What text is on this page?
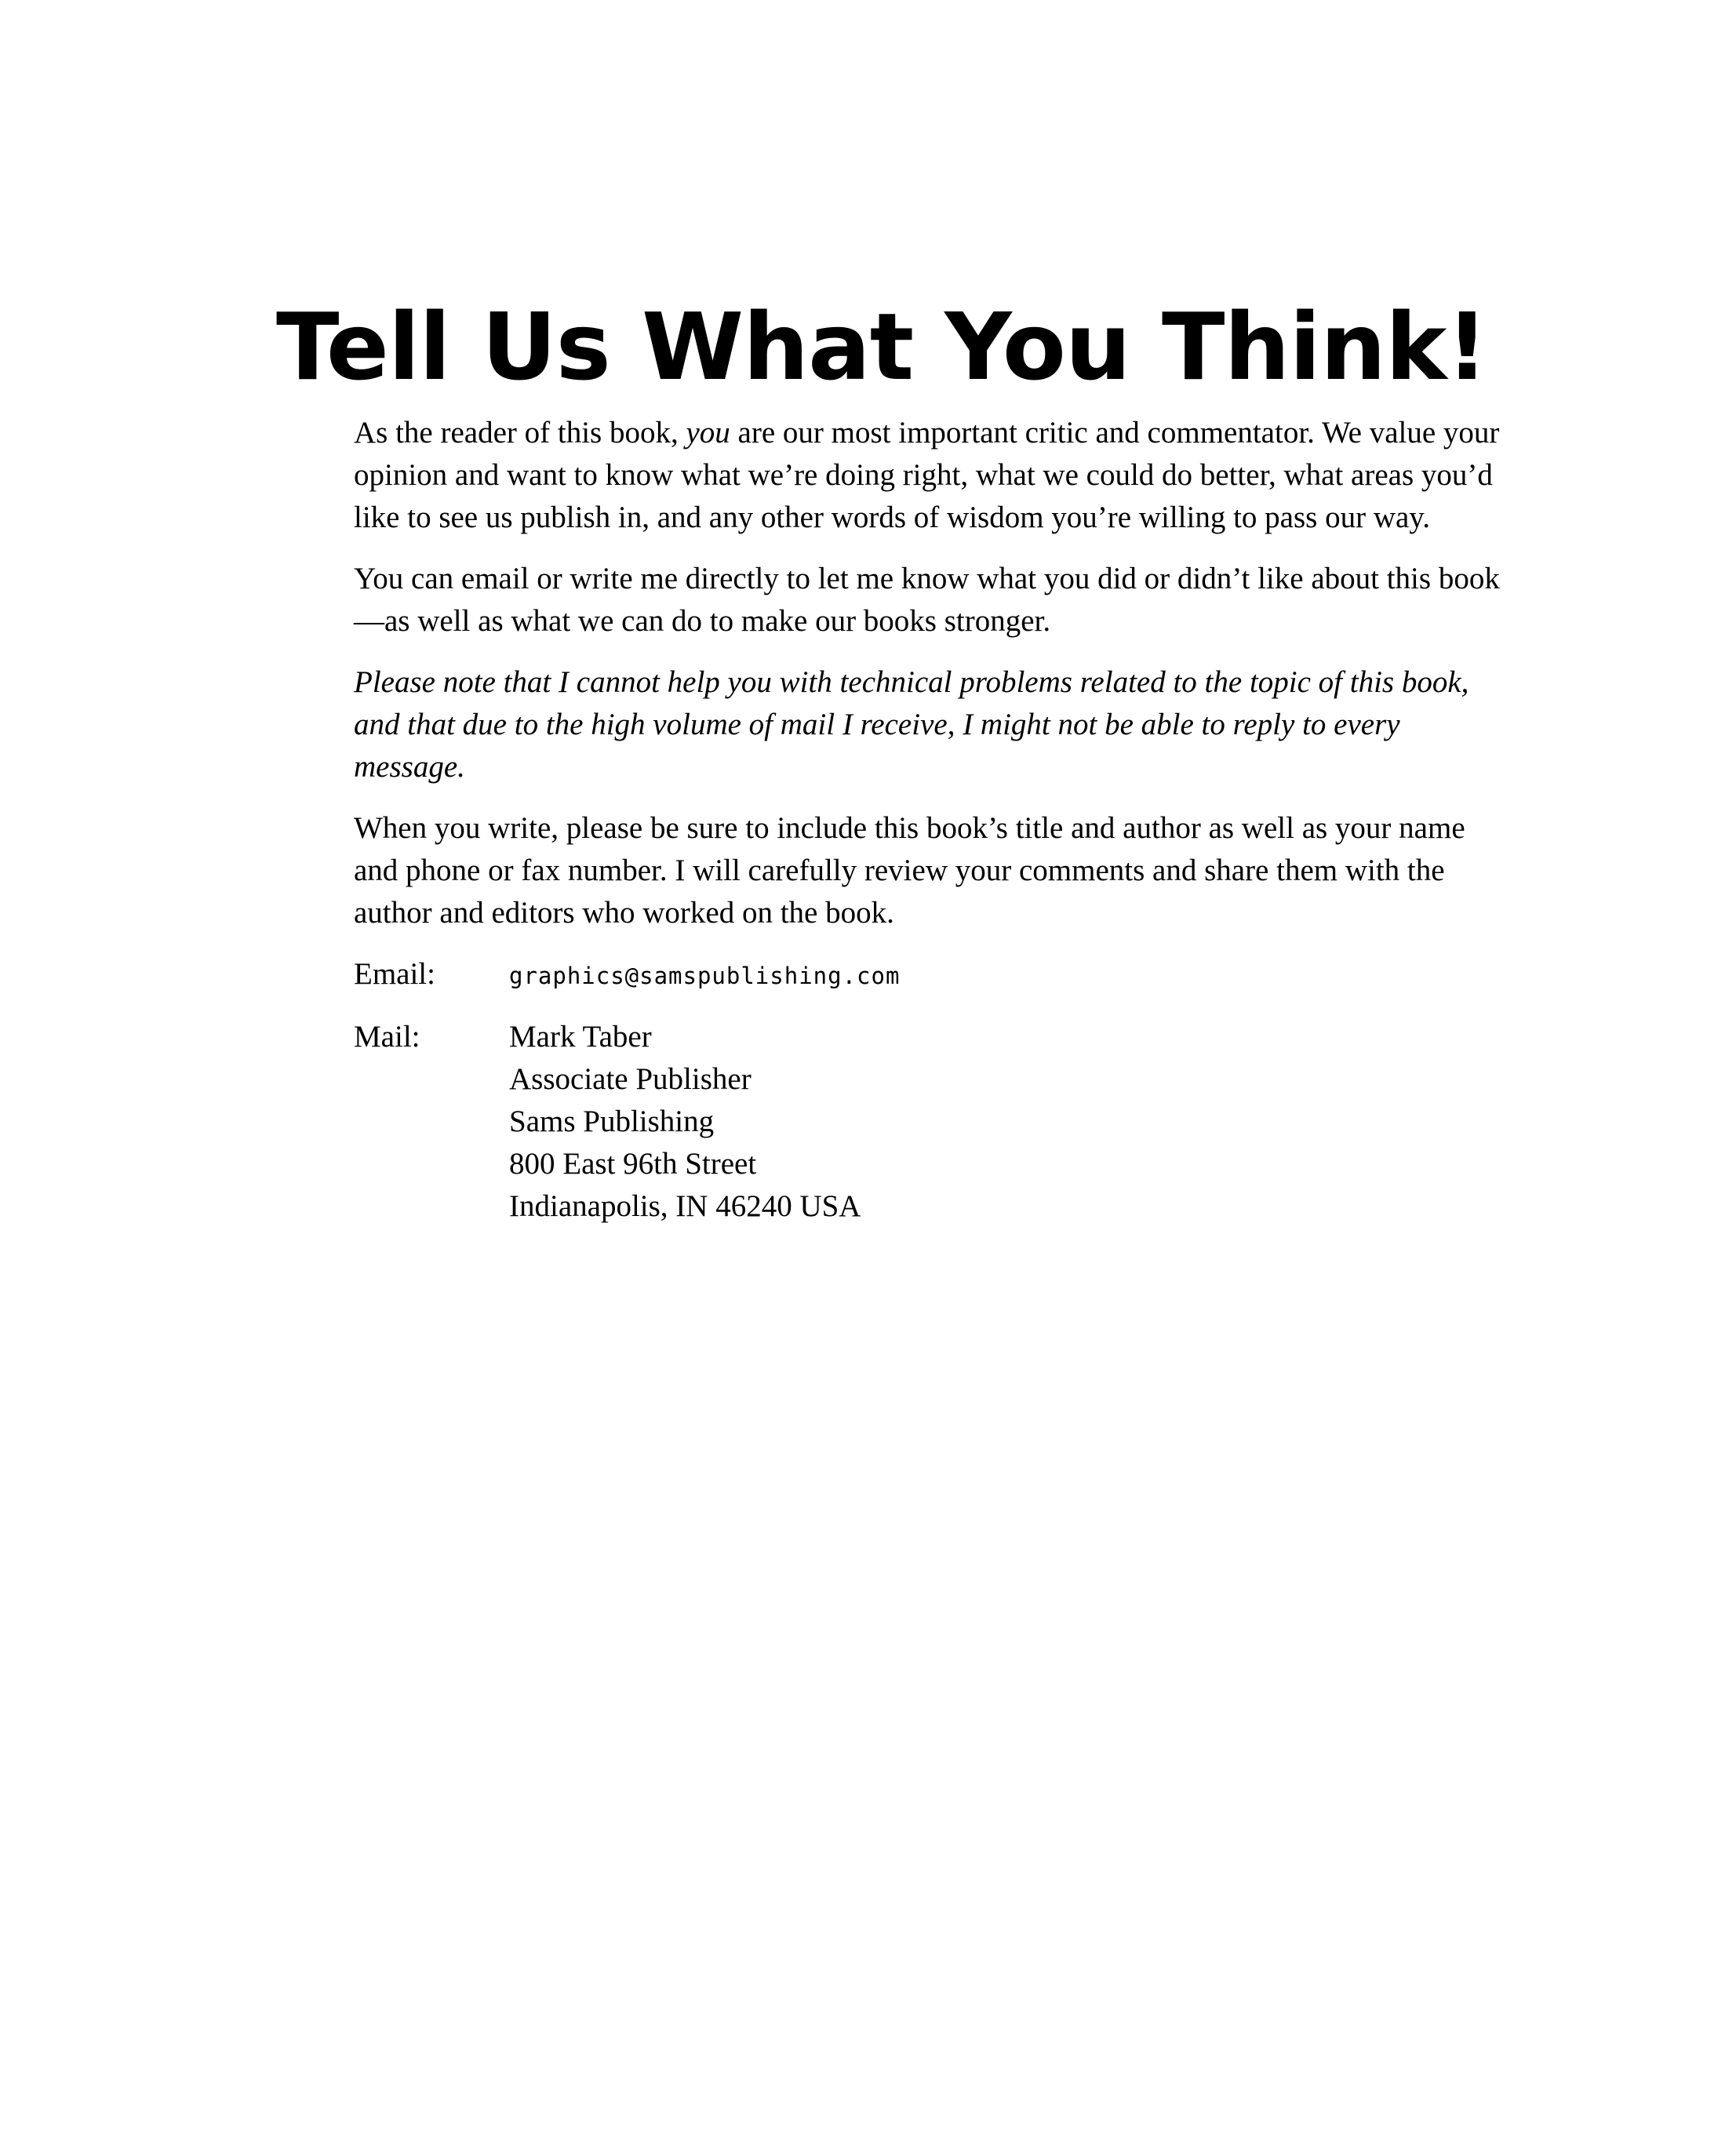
Tell Us What You Think!

As the reader of this book, you are our most important critic and commentator. We value your opinion and want to know what we’re doing right, what we could do better, what areas you’d like to see us publish in, and any other words of wisdom you’re willing to pass our way.

You can email or write me directly to let me know what you did or didn’t like about this book—as well as what we can do to make our books stronger.

Please note that I cannot help you with technical problems related to the topic of this book, and that due to the high volume of mail I receive, I might not be able to reply to every message.

When you write, please be sure to include this book’s title and author as well as your name and phone or fax number. I will carefully review your comments and share them with the author and editors who worked on the book.

Email:	graphics@samspublishing.com
Mail:	Mark Taber
Associate Publisher
Sams Publishing
800 East 96th Street
Indianapolis, IN 46240 USA
